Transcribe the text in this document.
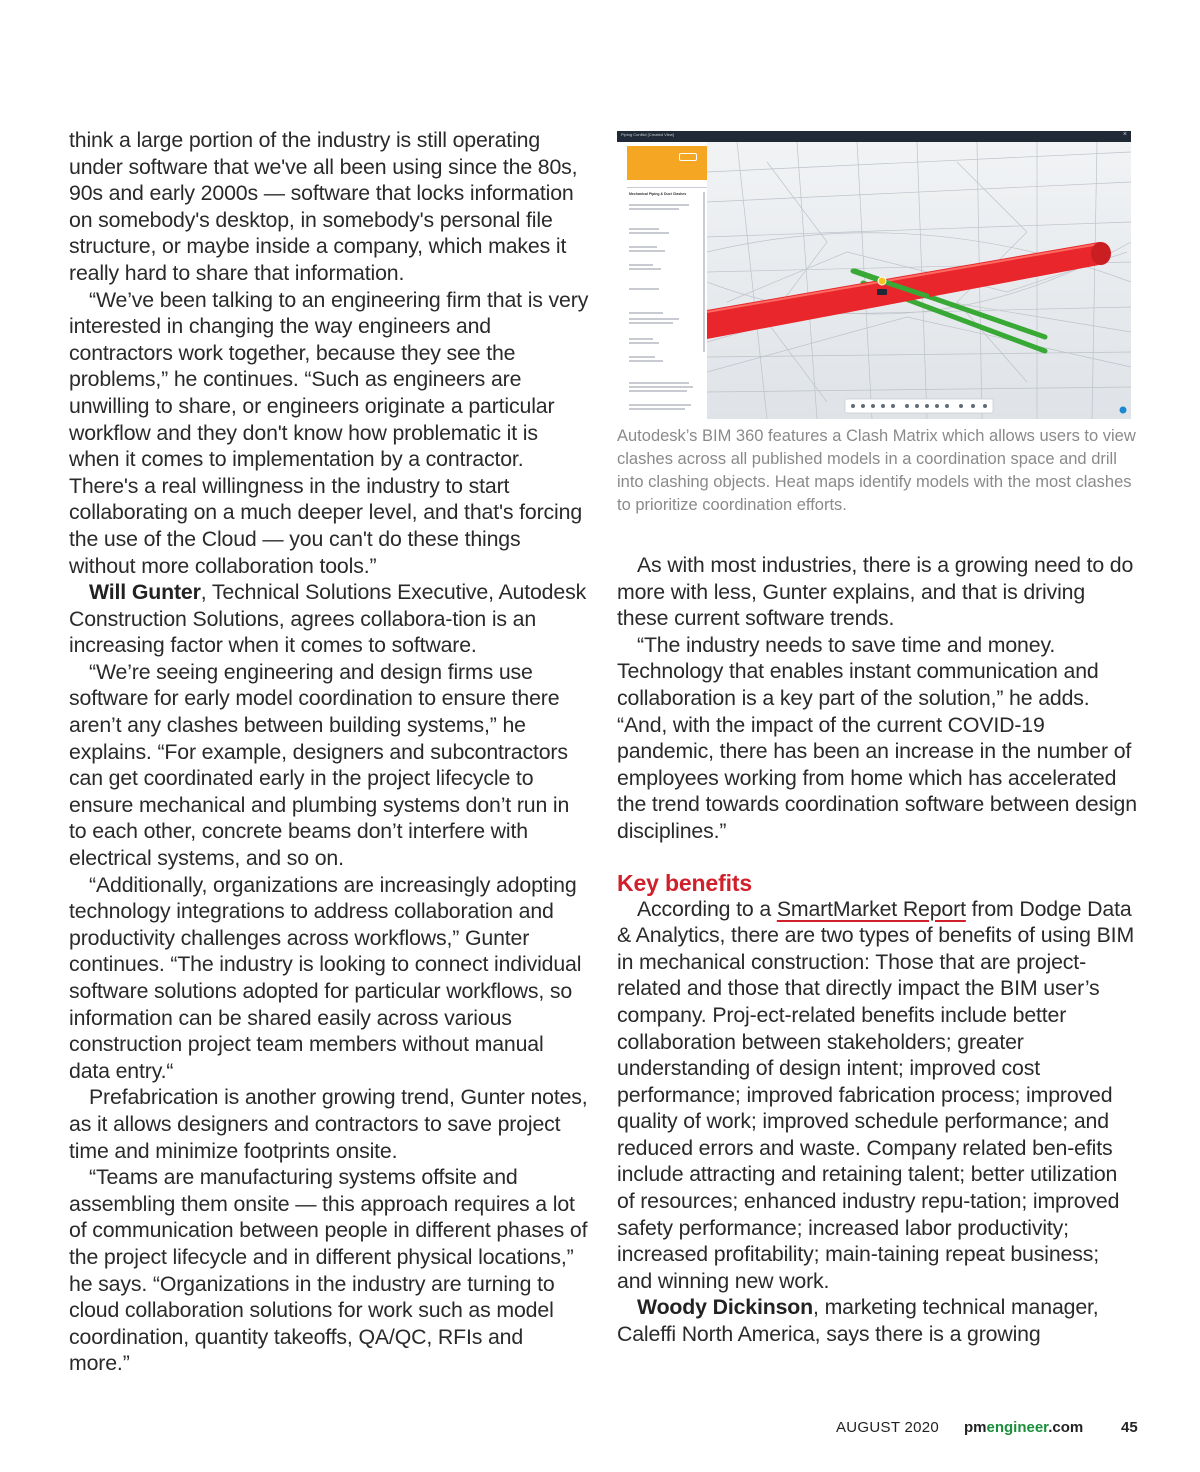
think a large portion of the industry is still operating under software that we've all been using since the 80s, 90s and early 2000s — software that locks information on somebody's desktop, in somebody's personal file structure, or maybe inside a company, which makes it really hard to share that information.

“We’ve been talking to an engineering firm that is very interested in changing the way engineers and contractors work together, because they see the problems,” he continues. “Such as engineers are unwilling to share, or engineers originate a particular workflow and they don't know how problematic it is when it comes to implementation by a contractor. There's a real willingness in the industry to start collaborating on a much deeper level, and that's forcing the use of the Cloud — you can't do these things without more collaboration tools.”

Will Gunter, Technical Solutions Executive, Autodesk Construction Solutions, agrees collabora-tion is an increasing factor when it comes to software.

“We’re seeing engineering and design firms use software for early model coordination to ensure there aren’t any clashes between building systems,” he explains. “For example, designers and subcontractors can get coordinated early in the project lifecycle to ensure mechanical and plumbing systems don’t run in to each other, concrete beams don’t interfere with electrical systems, and so on.

“Additionally, organizations are increasingly adopting technology integrations to address collaboration and productivity challenges across workflows,” Gunter continues. “The industry is looking to connect individual software solutions adopted for particular workflows, so information can be shared easily across various construction project team members without manual data entry.“

Prefabrication is another growing trend, Gunter notes, as it allows designers and contractors to save project time and minimize footprints onsite.

“Teams are manufacturing systems offsite and assembling them onsite — this approach requires a lot of communication between people in different phases of the project lifecycle and in different physical locations,” he says. “Organizations in the industry are turning to cloud collaboration solutions for work such as model coordination, quantity takeoffs, QA/QC, RFIs and more.”

Piping Conflict [Created View]	×
Mechanical Piping & Duct Clashes
Autodesk’s BIM 360 features a Clash Matrix which allows users to view clashes across all published models in a coordination space and drill into clashing objects. Heat maps identify models with the most clashes to prioritize coordination efforts.

As with most industries, there is a growing need to do more with less, Gunter explains, and that is driving these current software trends.

“The industry needs to save time and money. Technology that enables instant communication and collaboration is a key part of the solution,” he adds. “And, with the impact of the current COVID-19 pandemic, there has been an increase in the number of employees working from home which has accelerated the trend towards coordination software between design disciplines.”

Key benefits

According to a SmartMarket Report from Dodge Data & Analytics, there are two types of benefits of using BIM in mechanical construction: Those that are project-related and those that directly impact the BIM user’s company. Proj-ect-related benefits include better collaboration between stakeholders; greater understanding of design intent; improved cost performance; improved fabrication process; improved quality of work; improved schedule performance; and reduced errors and waste. Company related ben-efits include attracting and retaining talent; better utilization of resources; enhanced industry repu-tation; improved safety performance; increased labor productivity; increased profitability; main-taining repeat business; and winning new work.

Woody Dickinson, marketing technical manager, Caleffi North America, says there is a growing

AUGUST 2020 pmengineer.com	45
